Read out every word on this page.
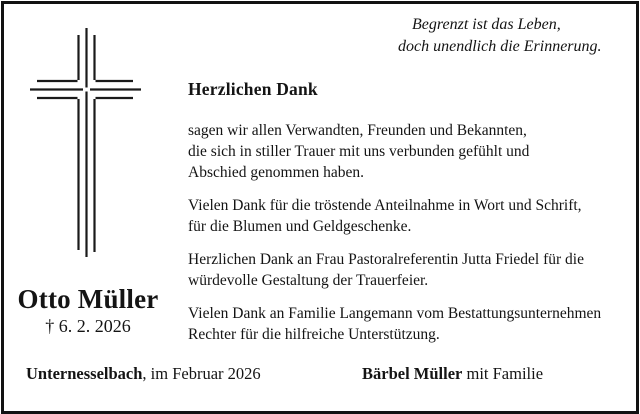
Begrenzt ist das Leben,
doch unendlich die Erinnerung.
Herzlichen Dank

sagen wir allen Verwandten, Freunden und Bekannten,
die sich in stiller Trauer mit uns verbunden gefühlt und
Abschied genommen haben.

Vielen Dank für die tröstende Anteilnahme in Wort und Schrift,
für die Blumen und Geldgeschenke.

Herzlichen Dank an Frau Pastoralreferentin Jutta Friedel für die
würdevolle Gestaltung der Trauerfeier.

Vielen Dank an Familie Langemann vom Bestattungsunternehmen
Rechter für die hilfreiche Unterstützung.

Otto Müller
† 6. 2. 2026
Unternesselbach, im Februar 2026	Bärbel Müller mit Familie
